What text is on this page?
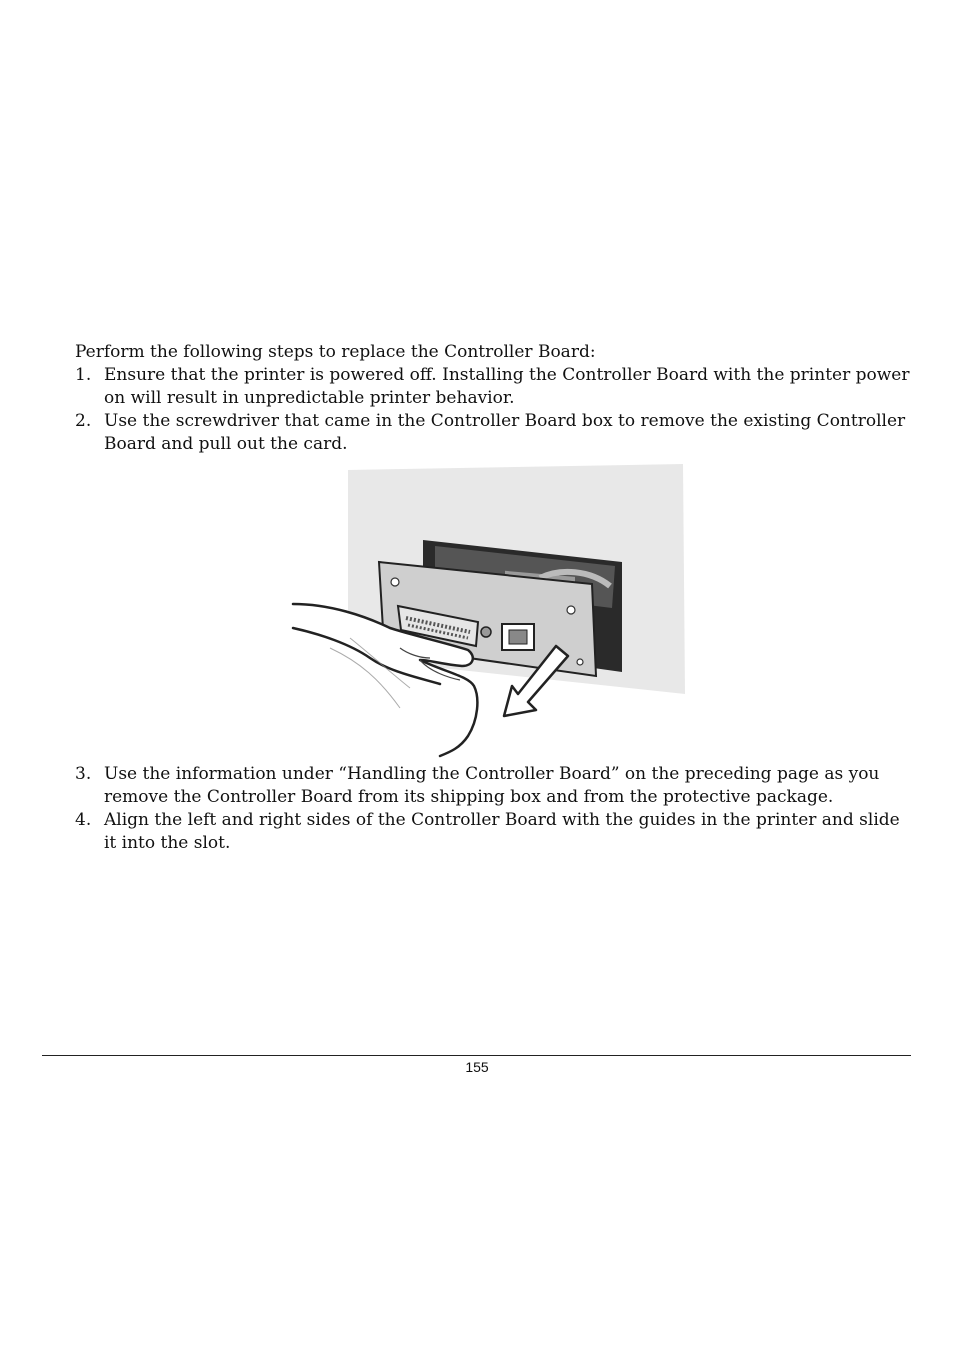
Perform the following steps to replace the Controller Board:
1. Ensure that the printer is powered off. Installing the Controller Board with the printer power on will result in unpredictable printer behavior.
2. Use the screwdriver that came in the Controller Board box to remove the existing Controller Board and pull out the card.
3. Use the information under “Handling the Controller Board” on the preceding page as you remove the Controller Board from its shipping box and from the protective package.
4. Align the left and right sides of the Controller Board with the guides in the printer and slide it into the slot.
155
